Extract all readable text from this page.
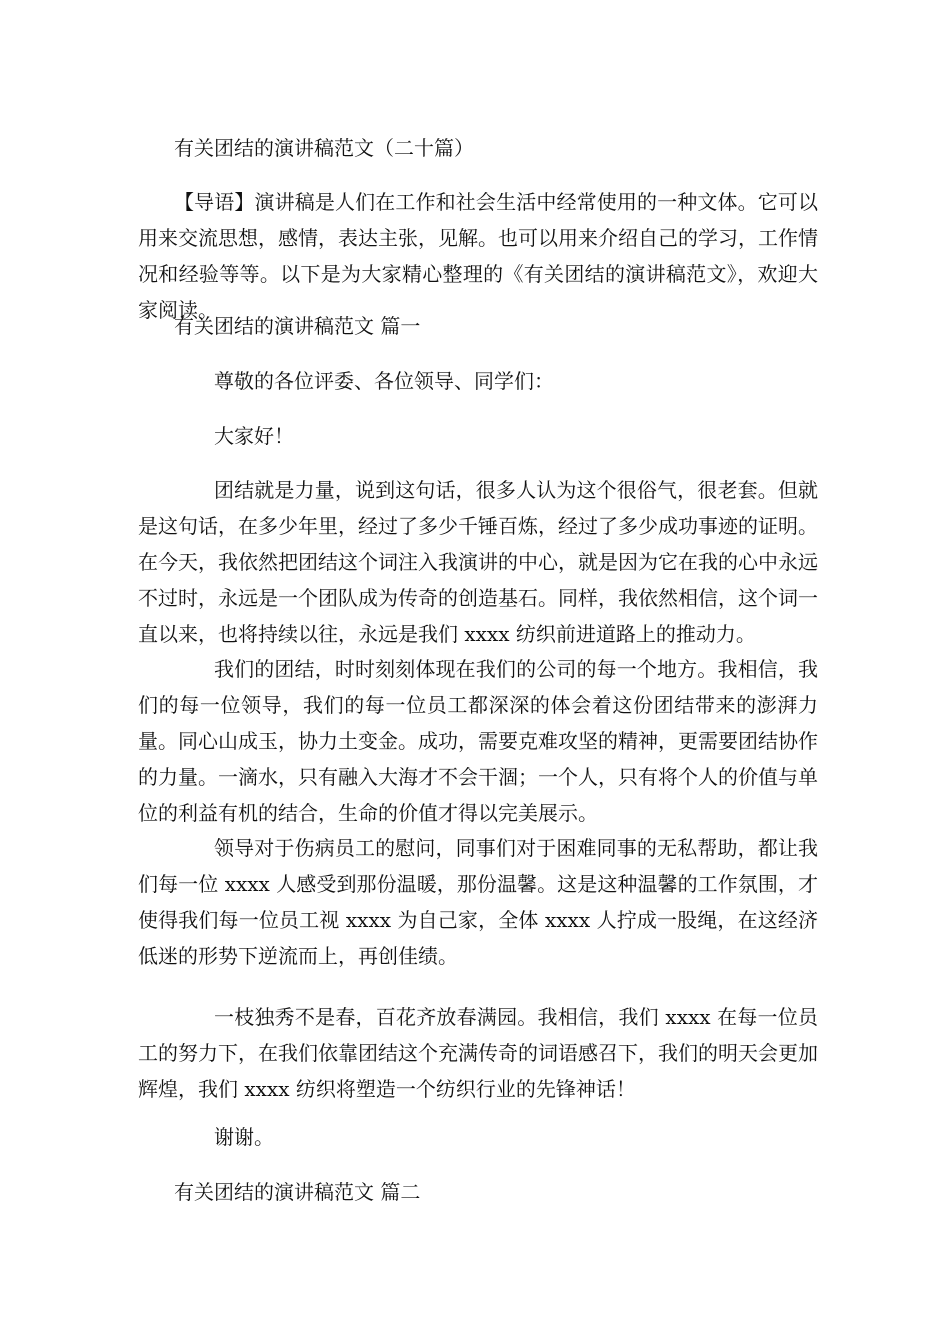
有关团结的演讲稿范文（二十篇）
【导语】演讲稿是人们在工作和社会生活中经常使用的一种文体。它可以用来交流思想，感情，表达主张，见解。也可以用来介绍自己的学习，工作情况和经验等等。以下是为大家精心整理的《有关团结的演讲稿范文》，欢迎大家阅读。
有关团结的演讲稿范文 篇一
尊敬的各位评委、各位领导、同学们：
大家好！
团结就是力量，说到这句话，很多人认为这个很俗气，很老套。但就是这句话，在多少年里，经过了多少千锤百炼，经过了多少成功事迹的证明。在今天，我依然把团结这个词注入我演讲的中心，就是因为它在我的心中永远不过时，永远是一个团队成为传奇的创造基石。同样，我依然相信，这个词一直以来，也将持续以往，永远是我们 xxxx 纺织前进道路上的推动力。
我们的团结，时时刻刻体现在我们的公司的每一个地方。我相信，我们的每一位领导，我们的每一位员工都深深的体会着这份团结带来的澎湃力量。同心山成玉，协力土变金。成功，需要克难攻坚的精神，更需要团结协作的力量。一滴水，只有融入大海才不会干涸；一个人，只有将个人的价值与单位的利益有机的结合，生命的价值才得以完美展示。
领导对于伤病员工的慰问，同事们对于困难同事的无私帮助，都让我们每一位 xxxx 人感受到那份温暖，那份温馨。这是这种温馨的工作氛围，才使得我们每一位员工视 xxxx 为自己家，全体 xxxx 人拧成一股绳，在这经济低迷的形势下逆流而上，再创佳绩。
一枝独秀不是春，百花齐放春满园。我相信，我们 xxxx 在每一位员工的努力下，在我们依靠团结这个充满传奇的词语感召下，我们的明天会更加辉煌，我们 xxxx 纺织将塑造一个纺织行业的先锋神话！
谢谢。
有关团结的演讲稿范文 篇二
